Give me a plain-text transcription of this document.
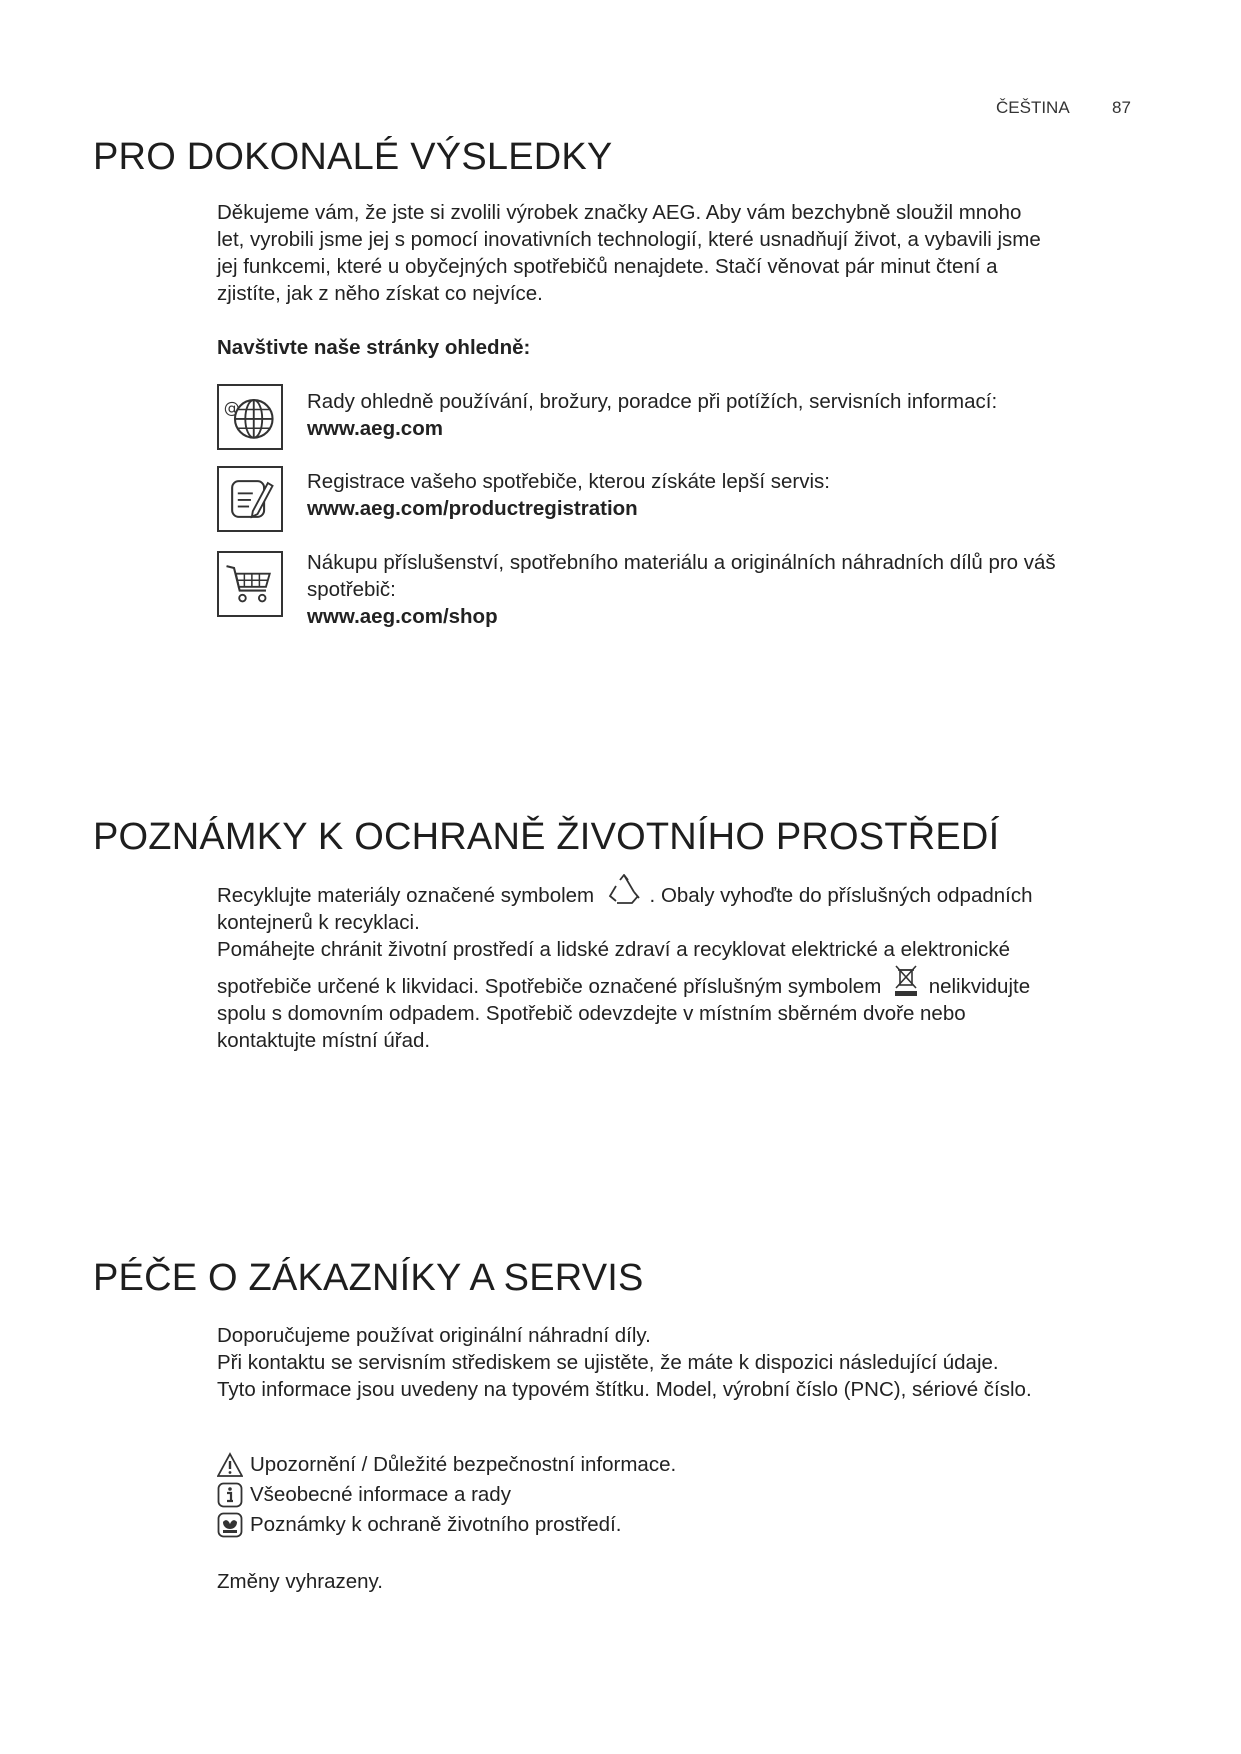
ČEŠTINA 87
PRO DOKONALÉ VÝSLEDKY
Děkujeme vám, že jste si zvolili výrobek značky AEG. Aby vám bezchybně sloužil mnoho
let, vyrobili jsme jej s pomocí inovativních technologií, které usnadňují život, a vybavili jsme
jej funkcemi, které u obyčejných spotřebičů nenajdete. Stačí věnovat pár minut čtení a
zjistíte, jak z něho získat co nejvíce.
Navštivte naše stránky ohledně:
@	Rady ohledně používání, brožury, poradce při potížích, servisních informací:
www.aeg.com
Registrace vašeho spotřebiče, kterou získáte lepší servis:
www.aeg.com/productregistration
Nákupu příslušenství, spotřebního materiálu a originálních náhradních dílů pro váš
spotřebič:
www.aeg.com/shop
POZNÁMKY K OCHRANĚ ŽIVOTNÍHO PROSTŘEDÍ
Recyklujte materiály označené symbolem	. Obaly vyhoďte do příslušných odpadních
kontejnerů k recyklaci.
Pomáhejte chránit životní prostředí a lidské zdraví a recyklovat elektrické a elektronické
spotřebiče určené k likvidaci. Spotřebiče označené příslušným symbolem nelikvidujte
spolu s domovním odpadem. Spotřebič odevzdejte v místním sběrném dvoře nebo
kontaktujte místní úřad.
PÉČE O ZÁKAZNÍKY A SERVIS
Doporučujeme používat originální náhradní díly.
Při kontaktu se servisním střediskem se ujistěte, že máte k dispozici následující údaje.
Tyto informace jsou uvedeny na typovém štítku. Model, výrobní číslo (PNC), sériové číslo.
Upozornění / Důležité bezpečnostní informace.
Všeobecné informace a rady
Poznámky k ochraně životního prostředí.
Změny vyhrazeny.
